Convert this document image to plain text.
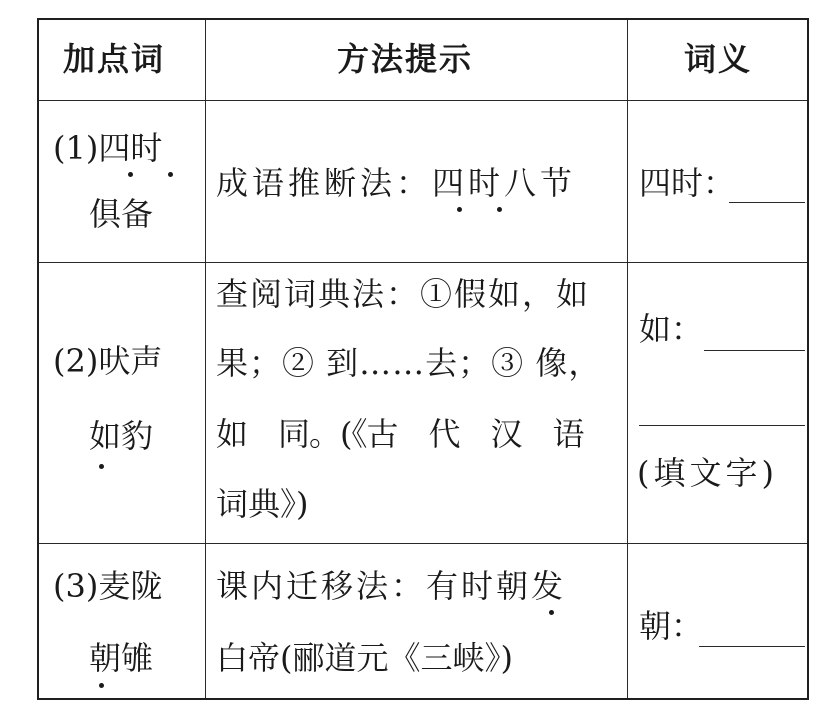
加点词	方法提示	词义
(1)四时
俱备
成语推断法：四时八节 四时：
(2)吠声
如豹
查阅词典法：①假如，如
果；② 到……去；③ 像，
如　同。(《古　代　汉　语
词典》)
如：
(填文字)
(3)麦陇
朝雊
课内迁移法：有时朝发
白帝(郦道元《三峡》)
朝：
